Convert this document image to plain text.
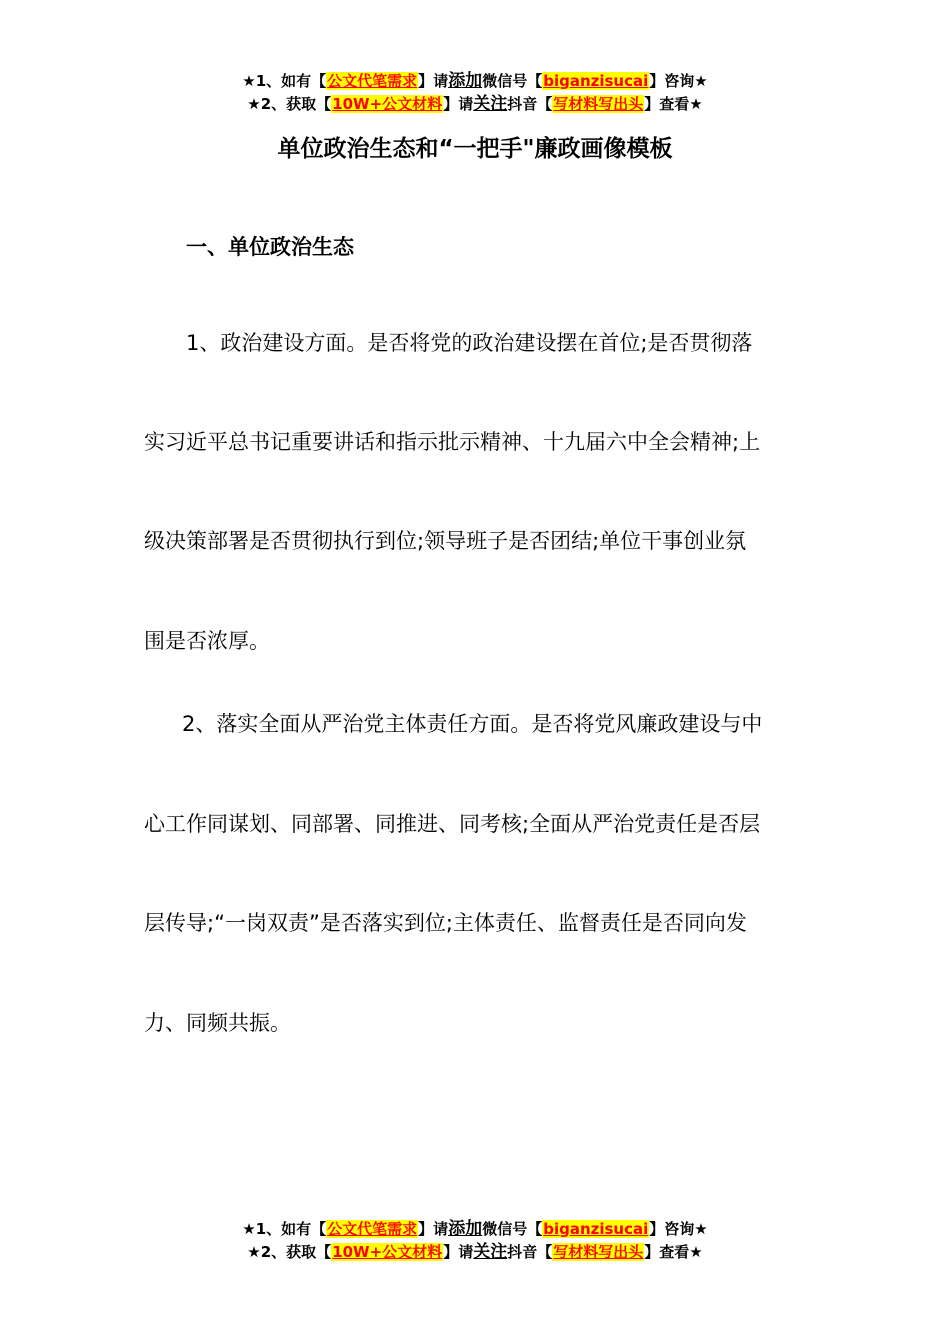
★1、如有【公文代笔需求】请添加微信号【biganzisucai】咨询★
★2、获取【10W+公文材料】请关注抖音【写材料写出头】查看★
单位政治生态和“一把手"廉政画像模板
一、单位政治生态
1、政治建设方面。是否将党的政治建设摆在首位;是否贯彻落
实习近平总书记重要讲话和指示批示精神、十九届六中全会精神;上
级决策部署是否贯彻执行到位;领导班子是否团结;单位干事创业氛
围是否浓厚。
2、落实全面从严治党主体责任方面。是否将党风廉政建设与中
心工作同谋划、同部署、同推进、同考核;全面从严治党责任是否层
层传导;“一岗双责”是否落实到位;主体责任、监督责任是否同向发
力、同频共振。
★1、如有【公文代笔需求】请添加微信号【biganzisucai】咨询★
★2、获取【10W+公文材料】请关注抖音【写材料写出头】查看★
